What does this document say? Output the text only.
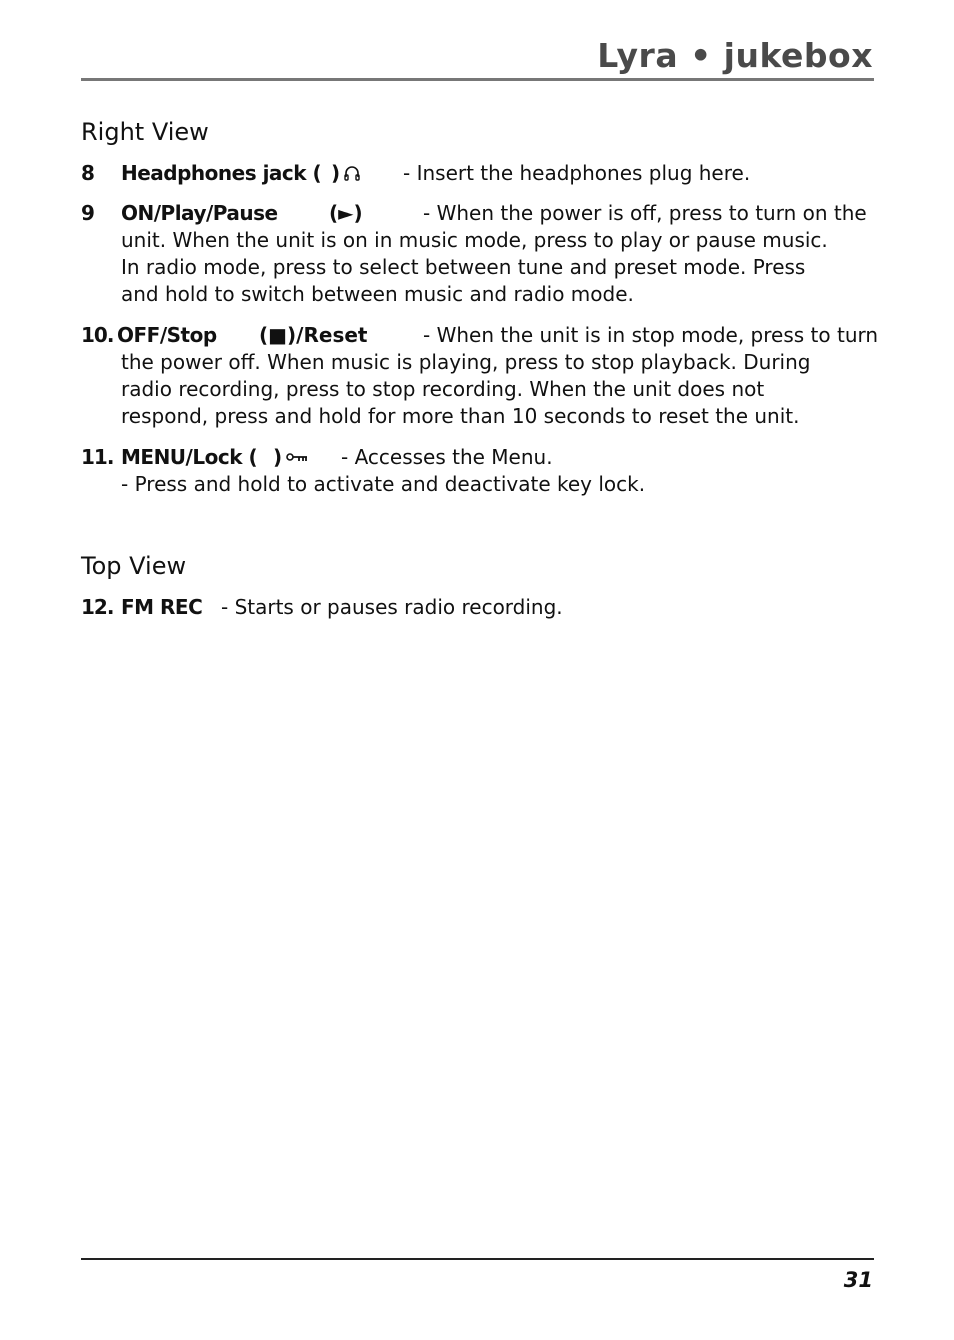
Lyra • jukebox
Right View
8 Headphones jack ( )	- Insert the headphones plug here.
9 ON/Play/Pause	(►)	- When the power is off, press to turn on the
unit. When the unit is on in music mode, press to play or pause music.
In radio mode, press to select between tune and preset mode. Press
and hold to switch between music and radio mode.
10. OFF/Stop (■)/Reset	- When the unit is in stop mode, press to turn
the power off. When music is playing, press to stop playback. During
radio recording, press to stop recording. When the unit does not
respond, press and hold for more than 10 seconds to reset the unit.
11. MENU/Lock ( )	- Accesses the Menu.
- Press and hold to activate and deactivate key lock.
Top View
12. FM REC - Starts or pauses radio recording.
31
